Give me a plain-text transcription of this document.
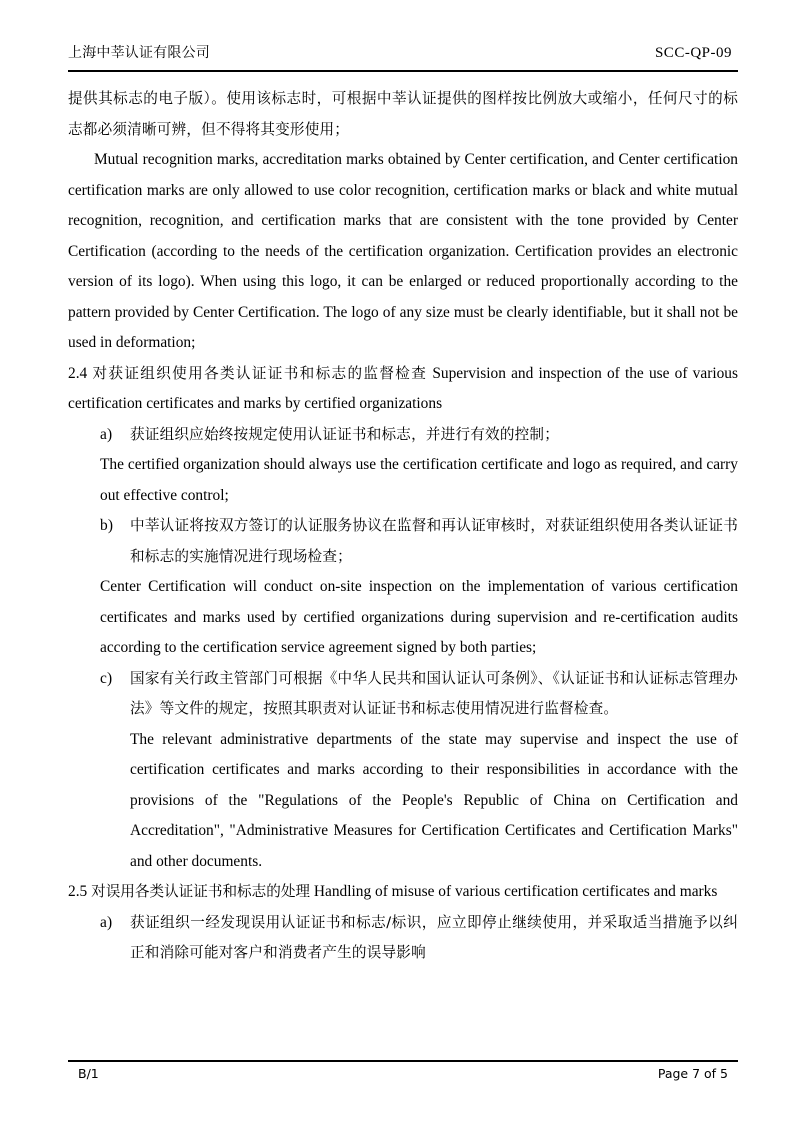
上海中莘认证有限公司	SCC-QP-09

提供其标志的电子版）。使用该标志时，可根据中莘认证提供的图样按比例放大或缩小，任何尺寸的标志都必须清晰可辨，但不得将其变形使用；

Mutual recognition marks, accreditation marks obtained by Center certification, and Center certification certification marks are only allowed to use color recognition, certification marks or black and white mutual recognition, recognition, and certification marks that are consistent with the tone provided by Center Certification (according to the needs of the certification organization. Certification provides an electronic version of its logo). When using this logo, it can be enlarged or reduced proportionally according to the pattern provided by Center Certification. The logo of any size must be clearly identifiable, but it shall not be used in deformation;

2.4 对获证组织使用各类认证证书和标志的监督检查 Supervision and inspection of the use of various certification certificates and marks by certified organizations

a) 获证组织应始终按规定使用认证证书和标志，并进行有效的控制；

The certified organization should always use the certification certificate and logo as required, and carry out effective control;

b) 中莘认证将按双方签订的认证服务协议在监督和再认证审核时，对获证组织使用各类认证证书和标志的实施情况进行现场检查；

Center Certification will conduct on-site inspection on the implementation of various certification certificates and marks used by certified organizations during supervision and re-certification audits according to the certification service agreement signed by both parties;

c) 国家有关行政主管部门可根据《中华人民共和国认证认可条例》、《认证证书和认证标志管理办法》等文件的规定，按照其职责对认证证书和标志使用情况进行监督检查。

The relevant administrative departments of the state may supervise and inspect the use of certification certificates and marks according to their responsibilities in accordance with the provisions of the "Regulations of the People's Republic of China on Certification and Accreditation", "Administrative Measures for Certification Certificates and Certification Marks" and other documents.

2.5 对误用各类认证证书和标志的处理 Handling of misuse of various certification certificates and marks

a) 获证组织一经发现误用认证证书和标志/标识，应立即停止继续使用，并采取适当措施予以纠正和消除可能对客户和消费者产生的误导影响

B/1	Page 7 of 5
